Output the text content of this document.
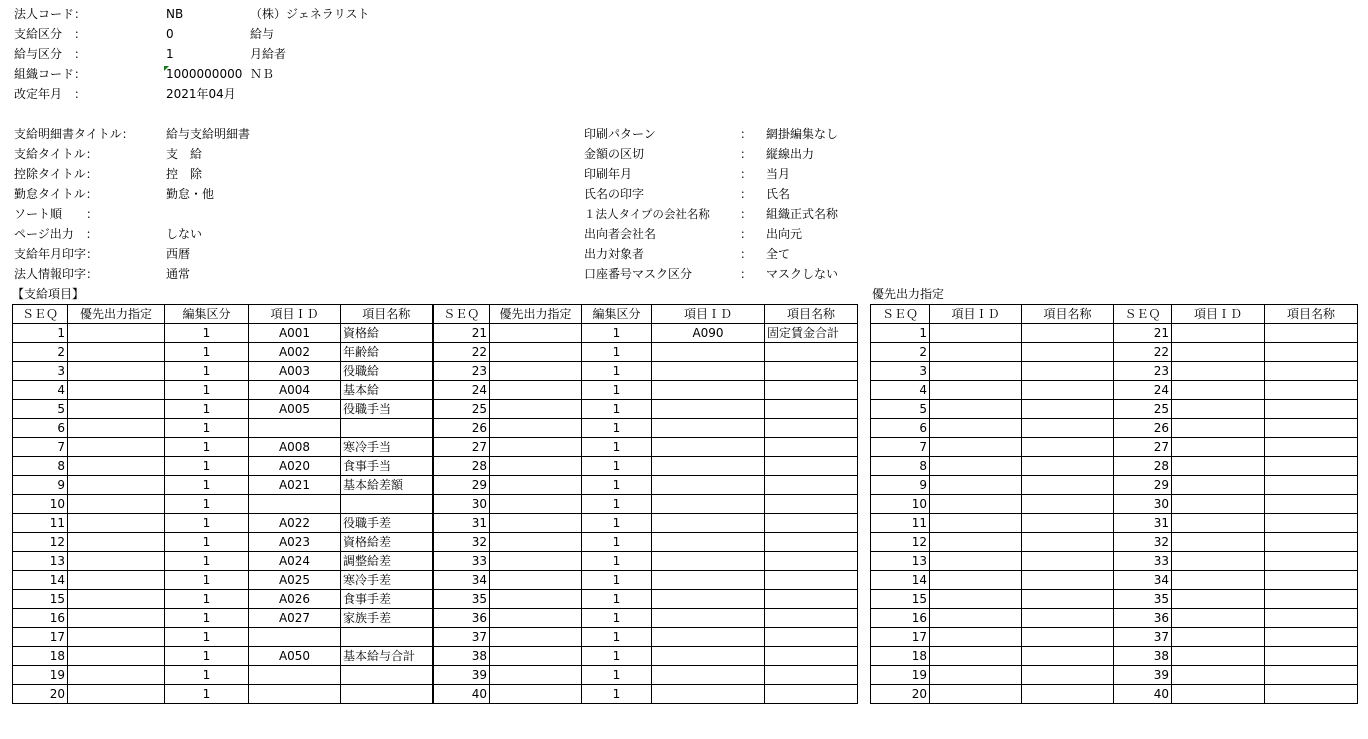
法人コード：	NB	（株）ジェネラリスト
支給区分　：	0	給与
給与区分　：	1	月給者
組織コード：	1000000000 ＮＢ
改定年月　：	2021年04月
支給明細書タイトル：	給与支給明細書
支給タイトル：	支　給
控除タイトル：	控　除
勤怠タイトル：	勤怠・他
ソート順　　：
ページ出力　：	しない
支給年月印字：	西暦
法人情報印字：	通常
印刷パターン	： 網掛編集なし
金額の区切	： 縦線出力
印刷年月	： 当月
氏名の印字	： 氏名
１法人タイプの会社名称	： 組織正式名称
出向者会社名	： 出向元
出力対象者	： 全て
口座番号マスク区分	： マスクしない
【支給項目】	優先出力指定
ＳＥＱ	優先出力指定	編集区分	項目ＩＤ	項目名称	ＳＥＱ	優先出力指定	編集区分	項目ＩＤ	項目名称
1		1	A001	資格給	21		1	A090	固定賃金合計
2		1	A002	年齢給	22		1		
3		1	A003	役職給	23		1		
4		1	A004	基本給	24		1		
5		1	A005	役職手当	25		1		
6		1			26		1		
7		1	A008	寒冷手当	27		1		
8		1	A020	食事手当	28		1		
9		1	A021	基本給差額	29		1		
10		1			30		1		
11		1	A022	役職手差	31		1		
12		1	A023	資格給差	32		1		
13		1	A024	調整給差	33		1		
14		1	A025	寒冷手差	34		1		
15		1	A026	食事手差	35		1		
16		1	A027	家族手差	36		1		
17		1			37		1		
18		1	A050	基本給与合計	38		1		
19		1			39		1		
20		1			40		1		
ＳＥＱ	項目ＩＤ	項目名称	ＳＥＱ	項目ＩＤ	項目名称
1			21		
2			22		
3			23		
4			24		
5			25		
6			26		
7			27		
8			28		
9			29		
10			30		
11			31		
12			32		
13			33		
14			34		
15			35		
16			36		
17			37		
18			38		
19			39		
20			40		
